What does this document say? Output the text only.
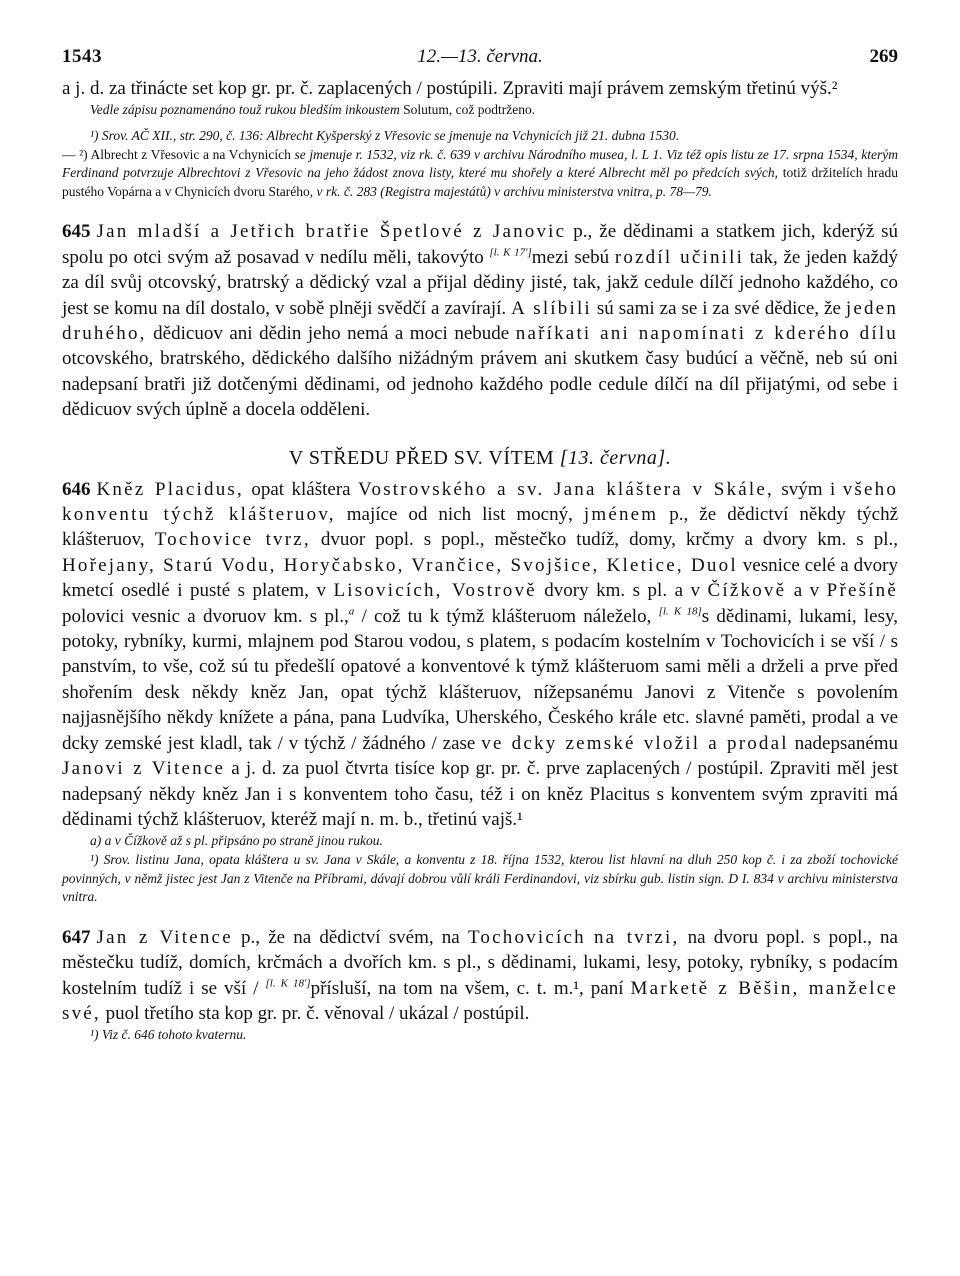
1543	12.—13. června.	269

a j. d. za třinácte set kop gr. pr. č. zaplacených / postúpili. Zpraviti mají právem zemským třetinú výš.²

Vedle zápisu poznamenáno touž rukou bledším inkoustem Solutum, což podtrženo.

¹) Srov. AČ XII., str. 290, č. 136: Albrecht Kyšperský z Vřesovic se jmenuje na Vchynicích již 21. dubna 1530.

— ²) Albrecht z Vřesovic a na Vchynicích se jmenuje r. 1532, viz rk. č. 639 v archivu Národního musea, l. L 1. Viz též opis listu ze 17. srpna 1534, kterým Ferdinand potvrzuje Albrechtovi z Vřesovic na jeho žádost znova listy, které mu shořely a které Albrecht měl po předcích svých, totiž držitelích hradu pustého Vopárna a v Chynicích dvoru Starého, v rk. č. 283 (Registra majestátů) v archivu ministerstva vnitra, p. 78—79.

645 Jan mladší a Jetřich bratřie Špetlové z Janovic p., že dědinami a statkem jich, kderýž sú spolu po otci svým až posavad v nedílu měli, takovýto [l. K 17']mezi sebú rozdíl učinili tak, že jeden každý za díl svůj otcovský, bratrský a dědický vzal a přijal dědiny jisté, tak, jakž cedule dílčí jednoho každého, co jest se komu na díl dostalo, v sobě plněji svědčí a zavírají. A slíbili sú sami za se i za své dědice, že jeden druhého, dědicuov ani dědin jeho nemá a moci nebude naříkati ani napomínati z kderého dílu otcovského, bratrského, dědického dalšího nižádným právem ani skutkem časy budúcí a věčně, neb sú oni nadepsaní bratři již dotčenými dědinami, od jednoho každého podle cedule dílčí na díl přijatými, od sebe i dědicuov svých úplně a docela odděleni.

V STŘEDU PŘED SV. VÍTEM [13. června].

646 Kněz Placidus, opat kláštera Vostrovského a sv. Jana kláštera v Skále, svým i všeho konventu týchž klášteruov, majíce od nich list mocný, jménem p., že dědictví někdy týchž klášteruov, Tochovice tvrz, dvuor popl. s popl., městečko tudíž, domy, krčmy a dvory km. s pl., Hořejany, Starú Vodu, Horyčabsko, Vrančice, Svojšice, Kletice, Duol vesnice celé a dvory kmetcí osedlé i pusté s platem, v Lisovicích, Vostrově dvory km. s pl. a v Čížkově a v Přešíně polovici vesnic a dvoruov km. s pl.,$^a$ / což tu k týmž klášteruom náleželo, [l. K 18]s dědinami, lukami, lesy, potoky, rybníky, kurmi, mlajnem pod Starou vodou, s platem, s podacím kostelním v Tochovicích i se vší / s panstvím, to vše, což sú tu předešlí opatové a konventové k týmž klášteruom sami měli a drželi a prve před shořením desk někdy kněz Jan, opat týchž klášteruov, nížepsanému Janovi z Vitenče s povolením najjasnějšího někdy knížete a pána, pana Ludvíka, Uherského, Českého krále etc. slavné paměti, prodal a ve dcky zemské jest kladl, tak / v týchž / žádného / zase ve dcky zemské vložil a prodal nadepsanému Janovi z Vitence a j. d. za puol čtvrta tisíce kop gr. pr. č. prve zaplacených / postúpil. Zpraviti měl jest nadepsaný někdy kněz Jan i s konventem toho času, též i on kněz Placitus s konventem svým zpraviti má dědinami týchž klášteruov, kteréž mají n. m. b., třetinú vajš.¹

a) a v Čížkově až s pl. připsáno po straně jinou rukou.

¹) Srov. listinu Jana, opata kláštera u sv. Jana v Skále, a konventu z 18. října 1532, kterou list hlavní na dluh 250 kop č. i za zboží tochovické povinných, v němž jistec jest Jan z Vitenče na Příbrami, dávají dobrou vůlí králi Ferdinandovi, viz sbírku gub. listin sign. D I. 834 v archivu ministerstva vnitra.

647 Jan z Vitence p., že na dědictví svém, na Tochovicích na tvrzi, na dvoru popl. s popl., na městečku tudíž, domích, krčmách a dvořích km. s pl., s dědinami, lukami, lesy, potoky, rybníky, s podacím kostelním tudíž i se vší / [l. K 18']přísluší, na tom na všem, c. t. m.¹, paní Marketě z Běšin, manželce své, puol třetího sta kop gr. pr. č. věnoval / ukázal / postúpil.

¹) Viz č. 646 tohoto kvaternu.
